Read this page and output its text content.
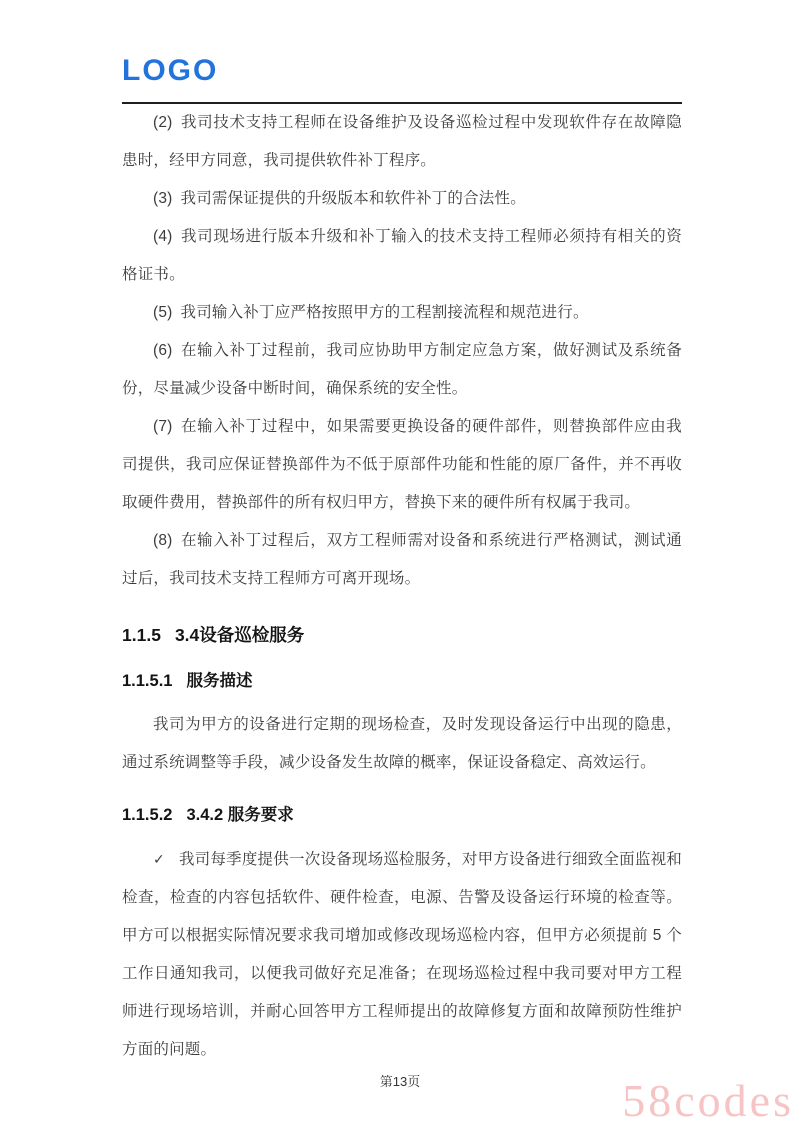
LOGO

(2) 我司技术支持工程师在设备维护及设备巡检过程中发现软件存在故障隐患时，经甲方同意，我司提供软件补丁程序。

(3) 我司需保证提供的升级版本和软件补丁的合法性。

(4) 我司现场进行版本升级和补丁输入的技术支持工程师必须持有相关的资格证书。

(5) 我司输入补丁应严格按照甲方的工程割接流程和规范进行。

(6) 在输入补丁过程前，我司应协助甲方制定应急方案，做好测试及系统备份，尽量减少设备中断时间，确保系统的安全性。

(7) 在输入补丁过程中，如果需要更换设备的硬件部件，则替换部件应由我司提供，我司应保证替换部件为不低于原部件功能和性能的原厂备件，并不再收取硬件费用，替换部件的所有权归甲方，替换下来的硬件所有权属于我司。

(8) 在输入补丁过程后，双方工程师需对设备和系统进行严格测试，测试通过后，我司技术支持工程师方可离开现场。

1.1.5 3.4设备巡检服务
1.1.5.1 服务描述

我司为甲方的设备进行定期的现场检查，及时发现设备运行中出现的隐患，通过系统调整等手段，减少设备发生故障的概率，保证设备稳定、高效运行。

1.1.5.2 3.4.2 服务要求

✓ 我司每季度提供一次设备现场巡检服务，对甲方设备进行细致全面监视和检查，检查的内容包括软件、硬件检查，电源、告警及设备运行环境的检查等。甲方可以根据实际情况要求我司增加或修改现场巡检内容，但甲方必须提前 5 个工作日通知我司，以便我司做好充足准备；在现场巡检过程中我司要对甲方工程师进行现场培训，并耐心回答甲方工程师提出的故障修复方面和故障预防性维护方面的问题。

第13页	58codes
